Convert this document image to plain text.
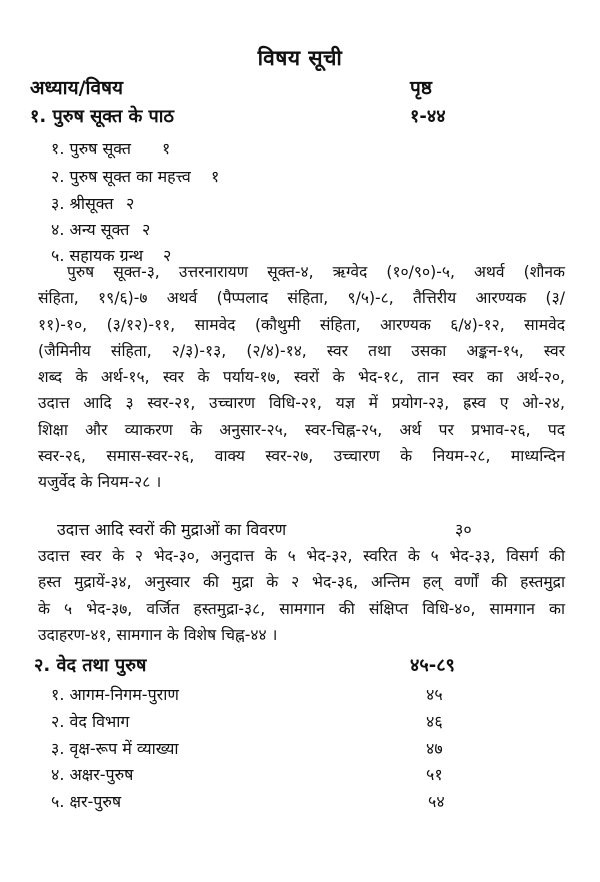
विषय सूची
अध्याय/विषय	पृष्ठ
१. पुरुष सूक्त के पाठ	१-४४
१. पुरुष सूक्त १
२. पुरुष सूक्त का महत्त्व १
३. श्रीसूक्त २
४. अन्य सूक्त २
५. सहायक ग्रन्थ २
पुरुष सूक्त-३, उत्तरनारायण सूक्त-४, ऋग्वेद (१०/९०)-५, अथर्व (शौनक
संहिता, १९/६)-७ अथर्व (पैप्पलाद संहिता, ९/५)-८, तैत्तिरीय आरण्यक (३/
११)-१०, (३/१२)-११, सामवेद (कौथुमी संहिता, आरण्यक ६/४)-१२, सामवेद
(जैमिनीय संहिता, २/३)-१३, (२/४)-१४, स्वर तथा उसका अङ्कन-१५, स्वर
शब्द के अर्थ-१५, स्वर के पर्याय-१७, स्वरों के भेद-१८, तान स्वर का अर्थ-२०,
उदात्त आदि ३ स्वर-२१, उच्चारण विधि-२१, यज्ञ में प्रयोग-२३, ह्रस्व ए ओ-२४,
शिक्षा और व्याकरण के अनुसार-२५, स्वर-चिह्न-२५, अर्थ पर प्रभाव-२६, पद
स्वर-२६, समास-स्वर-२६, वाक्य स्वर-२७, उच्चारण के नियम-२८, माध्यन्दिन
यजुर्वेद के नियम-२८ ।
उदात्त आदि स्वरों की मुद्राओं का विवरण	३०
उदात्त स्वर के २ भेद-३०, अनुदात्त के ५ भेद-३२, स्वरित के ५ भेद-३३, विसर्ग की
हस्त मुद्रायें-३४, अनुस्वार की मुद्रा के २ भेद-३६, अन्तिम हल् वर्णों की हस्तमुद्रा
के ५ भेद-३७, वर्जित हस्तमुद्रा-३८, सामगान की संक्षिप्त विधि-४०, सामगान का
उदाहरण-४१, सामगान के विशेष चिह्न-४४ ।
२. वेद तथा पुरुष	४५-८९
१. आगम-निगम-पुराण	४५
२. वेद विभाग	४६
३. वृक्ष-रूप में व्याख्या	४७
४. अक्षर-पुरुष	५१
५. क्षर-पुरुष	५४
